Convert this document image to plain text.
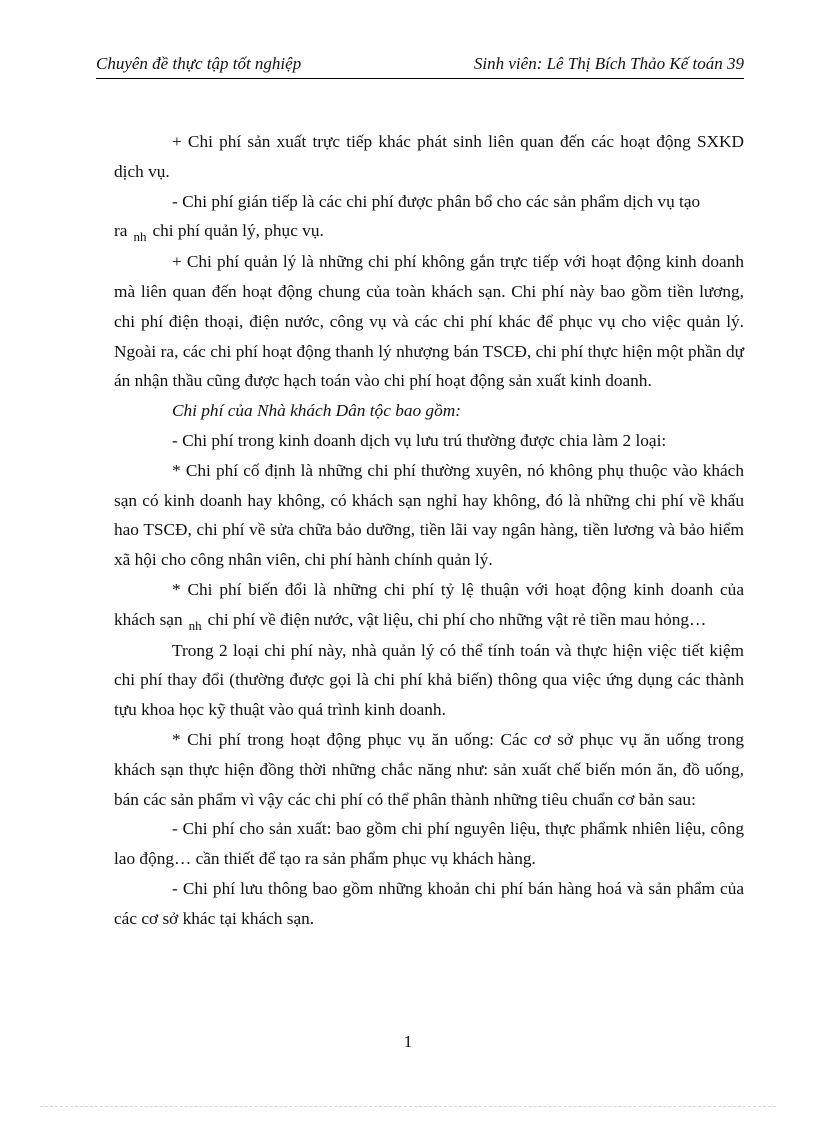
Chuyên đề thực tập tốt nghiệp	Sinh viên: Lê Thị Bích Thảo Kế toán 39

+ Chi phí sản xuất trực tiếp khác phát sinh liên quan đến các hoạt động SXKD dịch vụ.

- Chi phí gián tiếp là các chi phí được phân bổ cho các sản phẩm dịch vụ tạo

ra $_{nh}$ chi phí quản lý, phục vụ.

+ Chi phí quản lý là những chi phí không gắn trực tiếp với hoạt động kinh doanh mà liên quan đến hoạt động chung của toàn khách sạn. Chi phí này bao gồm tiền lương, chi phí điện thoại, điện nước, công vụ và các chi phí khác để phục vụ cho việc quản lý. Ngoài ra, các chi phí hoạt động thanh lý nhượng bán TSCĐ, chi phí thực hiện một phần dự án nhận thầu cũng được hạch toán vào chi phí hoạt động sản xuất kinh doanh.

Chi phí của Nhà khách Dân tộc bao gồm:

- Chi phí trong kinh doanh dịch vụ lưu trú thường được chia làm 2 loại:

* Chi phí cố định là những chi phí thường xuyên, nó không phụ thuộc vào khách sạn có kinh doanh hay không, có khách sạn nghỉ hay không, đó là những chi phí về khấu hao TSCĐ, chi phí về sửa chữa bảo dưỡng, tiền lãi vay ngân hàng, tiền lương và bảo hiểm xã hội cho công nhân viên, chi phí hành chính quản lý.

* Chi phí biến đổi là những chi phí tỷ lệ thuận với hoạt động kinh doanh của khách sạn $_{nh}$ chi phí về điện nước, vật liệu, chi phí cho những vật rẻ tiền mau hỏng…

Trong 2 loại chi phí này, nhà quản lý có thể tính toán và thực hiện việc tiết kiệm chi phí thay đổi (thường được gọi là chi phí khả biến) thông qua việc ứng dụng các thành tựu khoa học kỹ thuật vào quá trình kinh doanh.

* Chi phí trong hoạt động phục vụ ăn uống: Các cơ sở phục vụ ăn uống trong khách sạn thực hiện đồng thời những chắc năng như: sản xuất chế biến món ăn, đồ uống, bán các sản phẩm vì vậy các chi phí có thể phân thành những tiêu chuẩn cơ bản sau:

- Chi phí cho sản xuất: bao gồm chi phí nguyên liệu, thực phẩmk nhiên liệu, công lao động… cần thiết để tạo ra sản phẩm phục vụ khách hàng.

- Chi phí lưu thông bao gồm những khoản chi phí bán hàng hoá và sản phẩm của các cơ sở khác tại khách sạn.

1
